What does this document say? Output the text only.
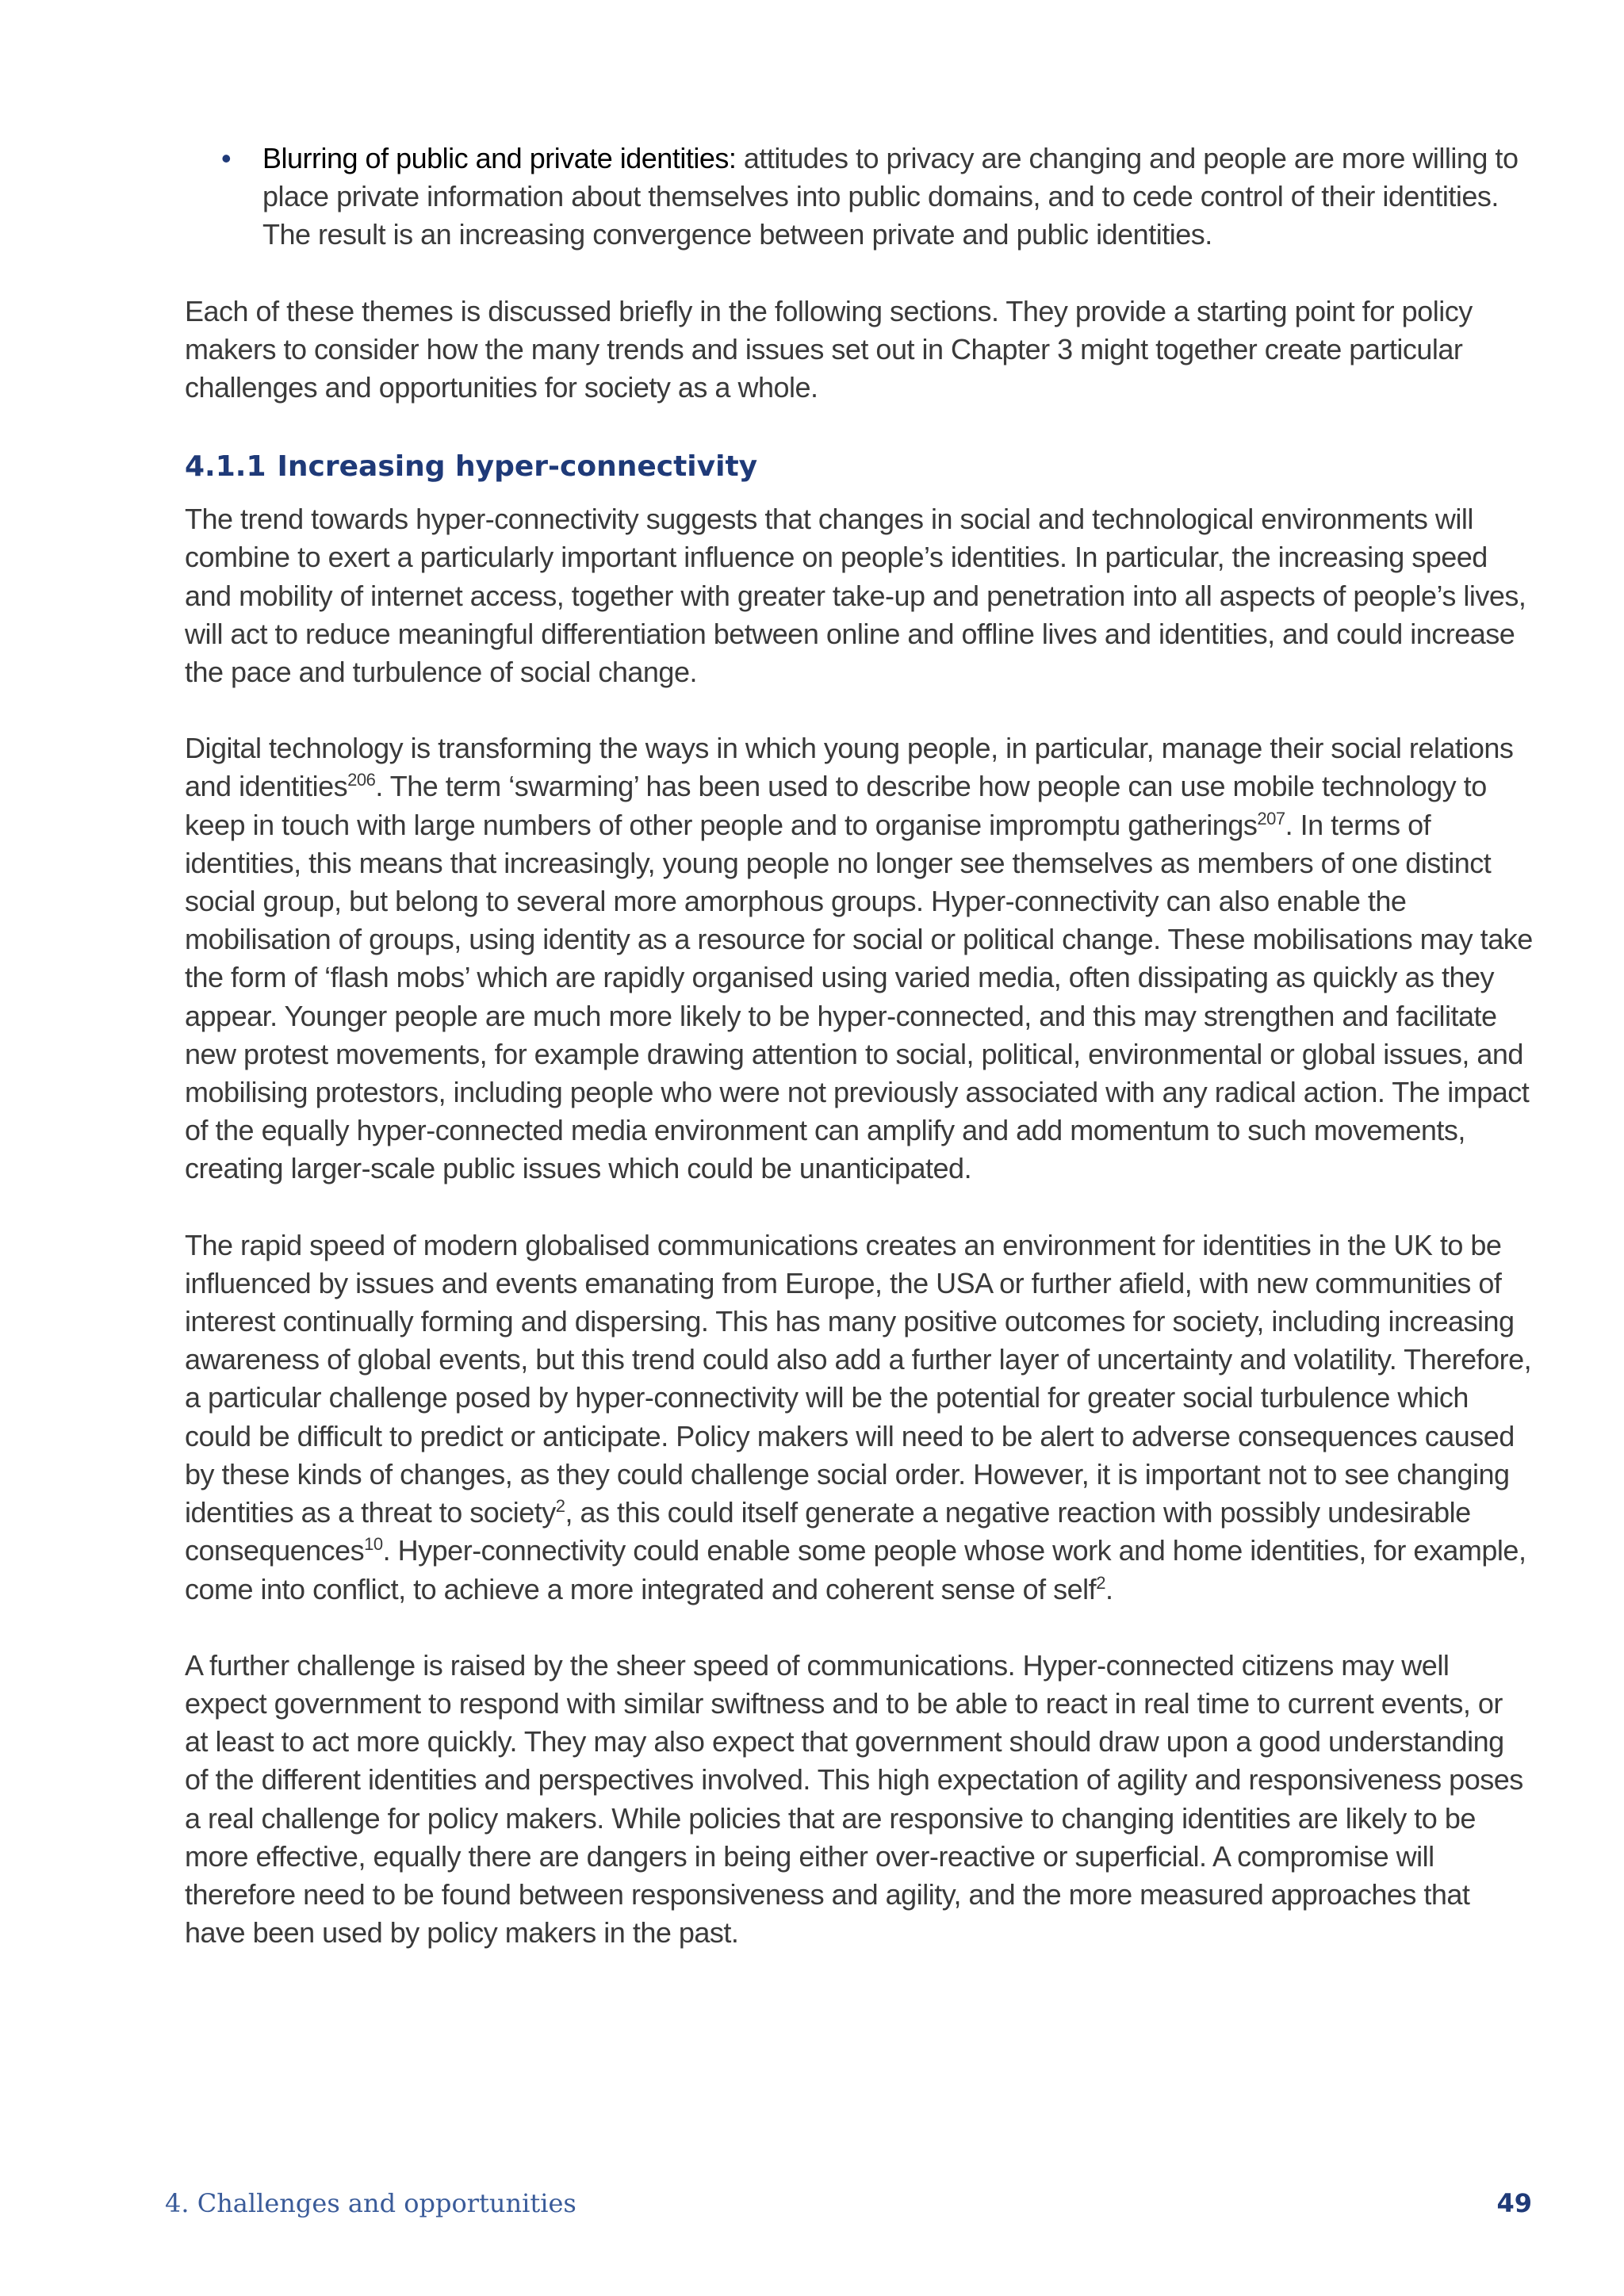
• Blurring of public and private identities: attitudes to privacy are changing and people are more willing to place private information about themselves into public domains, and to cede control of their identities. The result is an increasing convergence between private and public identities.

Each of these themes is discussed briefly in the following sections. They provide a starting point for policy makers to consider how the many trends and issues set out in Chapter 3 might together create particular challenges and opportunities for society as a whole.

4.1.1 Increasing hyper-connectivity

The trend towards hyper-connectivity suggests that changes in social and technological environments will combine to exert a particularly important influence on people’s identities. In particular, the increasing speed and mobility of internet access, together with greater take-up and penetration into all aspects of people’s lives, will act to reduce meaningful differentiation between online and offline lives and identities, and could increase the pace and turbulence of social change.

Digital technology is transforming the ways in which young people, in particular, manage their social relations and identities$^{206}$. The term ‘swarming’ has been used to describe how people can use mobile technology to keep in touch with large numbers of other people and to organise impromptu gatherings$^{207}$. In terms of identities, this means that increasingly, young people no longer see themselves as members of one distinct social group, but belong to several more amorphous groups. Hyper-connectivity can also enable the mobilisation of groups, using identity as a resource for social or political change. These mobilisations may take the form of ‘flash mobs’ which are rapidly organised using varied media, often dissipating as quickly as they appear. Younger people are much more likely to be hyper-connected, and this may strengthen and facilitate new protest movements, for example drawing attention to social, political, environmental or global issues, and mobilising protestors, including people who were not previously associated with any radical action. The impact of the equally hyper-connected media environment can amplify and add momentum to such movements, creating larger-scale public issues which could be unanticipated.

The rapid speed of modern globalised communications creates an environment for identities in the UK to be influenced by issues and events emanating from Europe, the USA or further afield, with new communities of interest continually forming and dispersing. This has many positive outcomes for society, including increasing awareness of global events, but this trend could also add a further layer of uncertainty and volatility. Therefore, a particular challenge posed by hyper-connectivity will be the potential for greater social turbulence which could be difficult to predict or anticipate. Policy makers will need to be alert to adverse consequences caused by these kinds of changes, as they could challenge social order. However, it is important not to see changing identities as a threat to society$^2$, as this could itself generate a negative reaction with possibly undesirable consequences$^{10}$. Hyper-connectivity could enable some people whose work and home identities, for example, come into conflict, to achieve a more integrated and coherent sense of self$^2$.

A further challenge is raised by the sheer speed of communications. Hyper-connected citizens may well expect government to respond with similar swiftness and to be able to react in real time to current events, or at least to act more quickly. They may also expect that government should draw upon a good understanding of the different identities and perspectives involved. This high expectation of agility and responsiveness poses a real challenge for policy makers. While policies that are responsive to changing identities are likely to be more effective, equally there are dangers in being either over-reactive or superficial. A compromise will therefore need to be found between responsiveness and agility, and the more measured approaches that have been used by policy makers in the past.

4. Challenges and opportunities	49
